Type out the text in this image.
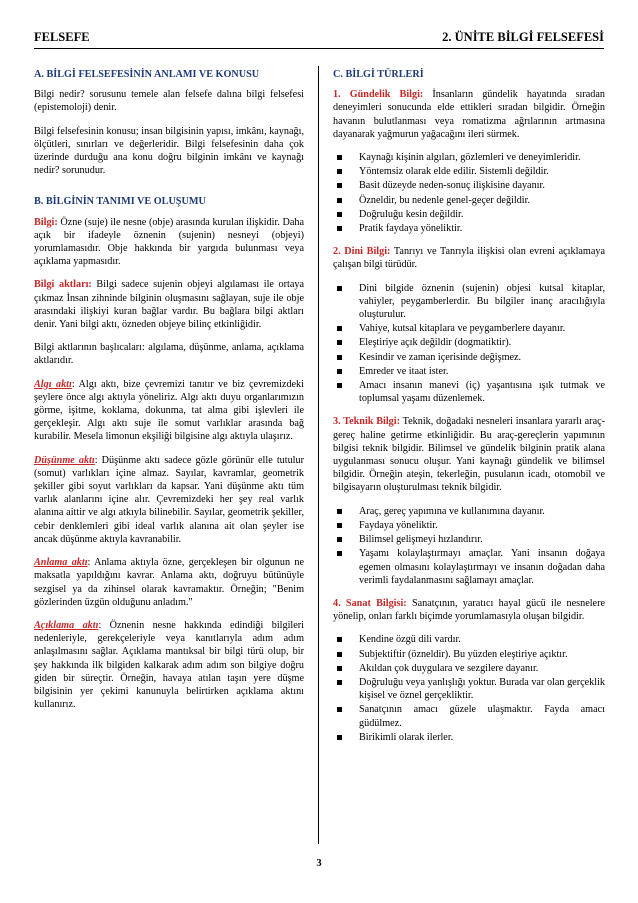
FELSEFE	2. ÜNİTE BİLGİ FELSEFESİ
A. BİLGİ FELSEFESİNİN ANLAMI VE KONUSU
Bilgi nedir? sorusunu temele alan felsefe dalına bilgi felsefesi (epistemoloji) denir.
Bilgi felsefesinin konusu; insan bilgisinin yapısı, imkânı, kaynağı, ölçütleri, sınırları ve değerleridir. Bilgi felsefesinin daha çok üzerinde durduğu ana konu doğru bilginin imkânı ve kaynağı nedir? sorunudur.
B. BİLGİNİN TANIMI VE OLUŞUMU
Bilgi: Özne (suje) ile nesne (obje) arasında kurulan ilişkidir. Daha açık bir ifadeyle öznenin (sujenin) nesneyi (objeyi) yorumlamasıdır. Obje hakkında bir yargıda bulunması veya açıklama yapmasıdır.
Bilgi aktları: Bilgi sadece sujenin objeyi algılaması ile ortaya çıkmaz İnsan zihninde bilginin oluşmasını sağlayan, suje ile obje arasındaki ilişkiyi kuran bağlar vardır. Bu bağlara bilgi aktları denir. Yani bilgi aktı, özneden objeye bilinç etkinliğidir.
Bilgi aktlarının başlıcaları: algılama, düşünme, anlama, açıklama aktlarıdır.
Algı aktı: Algı aktı, bize çevremizi tanıtır ve biz çevremizdeki şeylere önce algı aktıyla yöneliriz. Algı aktı duyu organlarımızın görme, işitme, koklama, dokunma, tat alma gibi işlevleri ile gerçekleşir. Algı aktı suje ile somut varlıklar arasında bağ kurabilir. Mesela limonun ekşiliği bilgisine algı aktıyla ulaşırız.
Düşünme aktı: Düşünme aktı sadece gözle görünür elle tutulur (somut) varlıkları içine almaz. Sayılar, kavramlar, geometrik şekiller gibi soyut varlıkları da kapsar. Yani düşünme aktı tüm varlık alanlarını içine alır. Çevremizdeki her şey real varlık alanına aittir ve algı atkıyla bilinebilir. Sayılar, geometrik şekiller, cebir denklemleri gibi ideal varlık alanına ait olan şeyler ise ancak düşünme aktıyla kavranabilir.
Anlama aktı: Anlama aktıyla özne, gerçekleşen bir olgunun ne maksatla yapıldığını kavrar. Anlama aktı, doğruyu bütünüyle sezgisel ya da zihinsel olarak kavramaktır. Örneğin; "Benim gözlerinden üzgün olduğunu anladım."
Açıklama aktı: Öznenin nesne hakkında edindiği bilgileri nedenleriyle, gerekçeleriyle veya kanıtlarıyla adım adım anlaşılmasını sağlar. Açıklama mantıksal bir bilgi türü olup, bir şey hakkında ilk bilgiden kalkarak adım adım son bilgiye doğru giden bir süreçtir. Örneğin, havaya atılan taşın yere düşme bilgisinin yer çekimi kanunuyla belirtirken açıklama aktını kullanırız.
C. BİLGİ TÜRLERİ
1. Gündelik Bilgi: İnsanların gündelik hayatında sıradan deneyimleri sonucunda elde ettikleri sıradan bilgidir. Örneğin havanın bulutlanması veya romatizma ağrılarının artmasına dayanarak yağmurun yağacağını ileri sürmek.
Kaynağı kişinin algıları, gözlemleri ve deneyimleridir.
Yöntemsiz olarak elde edilir. Sistemli değildir.
Basit düzeyde neden-sonuç ilişkisine dayanır.
Özneldir, bu nedenle genel-geçer değildir.
Doğruluğu kesin değildir.
Pratik faydaya yöneliktir.
2. Dini Bilgi: Tanrıyı ve Tanrıyla ilişkisi olan evreni açıklamaya çalışan bilgi türüdür.
Dini bilgide öznenin (sujenin) objesi kutsal kitaplar, vahiyler, peygamberlerdir. Bu bilgiler inanç aracılığıyla oluşturulur.
Vahiye, kutsal kitaplara ve peygamberlere dayanır.
Eleştiriye açık değildir (dogmatiktir).
Kesindir ve zaman içerisinde değişmez.
Emreder ve itaat ister.
Amacı insanın manevi (iç) yaşantısına ışık tutmak ve toplumsal yaşamı düzenlemek.
3. Teknik Bilgi: Teknik, doğadaki nesneleri insanlara yararlı araç-gereç haline getirme etkinliğidir. Bu araç-gereçlerin yapımının bilgisi teknik bilgidir. Bilimsel ve gündelik bilginin pratik alana uygulanması sonucu oluşur. Yani kaynağı gündelik ve bilimsel bilgidir. Örneğin ateşin, tekerleğin, pusulanın icadı, otomobil ve bilgisayarın oluşturulması teknik bilgidir.
Araç, gereç yapımına ve kullanımına dayanır.
Faydaya yöneliktir.
Bilimsel gelişmeyi hızlandırır.
Yaşamı kolaylaştırmayı amaçlar. Yani insanın doğaya egemen olmasını kolaylaştırmayı ve insanın doğadan daha verimli faydalanmasını sağlamayı amaçlar.
4. Sanat Bilgisi: Sanatçının, yaratıcı hayal gücü ile nesnelere yönelip, onları farklı biçimde yorumlamasıyla oluşan bilgidir.
Kendine özgü dili vardır.
Subjektiftir (özneldir). Bu yüzden eleştiriye açıktır.
Akıldan çok duygulara ve sezgilere dayanır.
Doğruluğu veya yanlışlığı yoktur. Burada var olan gerçeklik kişisel ve öznel gerçekliktir.
Sanatçının amacı güzele ulaşmaktır. Fayda amacı güdülmez.
Birikimli olarak ilerler.
3
